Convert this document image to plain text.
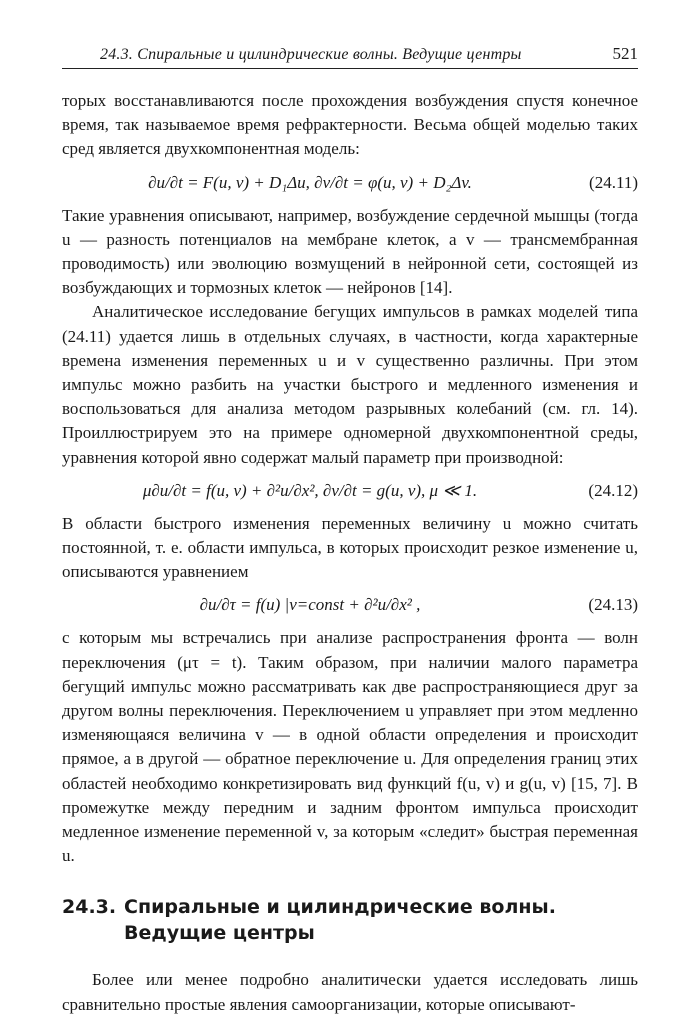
24.3. Спиральные и цилиндрические волны. Ведущие центры	521

торых восстанавливаются после прохождения возбуждения спустя конечное время, так называемое время рефрактерности. Весьма общей моделью таких сред является двухкомпонентная модель:

∂u/∂t = F(u, v) + D₁Δu, ∂v/∂t = φ(u, v) + D₂Δv.	(24.11)

Такие уравнения описывают, например, возбуждение сердечной мышцы (тогда u — разность потенциалов на мембране клеток, а v — трансмембранная проводимость) или эволюцию возмущений в нейронной сети, состоящей из возбуждающих и тормозных клеток — нейронов [14].

Аналитическое исследование бегущих импульсов в рамках моделей типа (24.11) удается лишь в отдельных случаях, в частности, когда характерные времена изменения переменных u и v существенно различны. При этом импульс можно разбить на участки быстрого и медленного изменения и воспользоваться для анализа методом разрывных колебаний (см. гл. 14). Проиллюстрируем это на примере одномерной двухкомпонентной среды, уравнения которой явно содержат малый параметр при производной:

μ∂u/∂t = f(u, v) + ∂²u/∂x², ∂v/∂t = g(u, v), μ ≪ 1.	(24.12)

В области быстрого изменения переменных величину u можно считать постоянной, т. е. области импульса, в которых происходит резкое изменение u, описываются уравнением

∂u/∂τ = f(u) |v=const + ∂²u/∂x² ,	(24.13)

с которым мы встречались при анализе распространения фронта — волн переключения (μτ = t). Таким образом, при наличии малого параметра бегущий импульс можно рассматривать как две распространяющиеся друг за другом волны переключения. Переключением u управляет при этом медленно изменяющаяся величина v — в одной области определения и происходит прямое, а в другой — обратное переключение u. Для определения границ этих областей необходимо конкретизировать вид функций f(u, v) и g(u, v) [15, 7]. В промежутке между передним и задним фронтом импульса происходит медленное изменение переменной v, за которым «следит» быстрая переменная u.

24.3. Спиральные и цилиндрические волны.
Ведущие центры

Более или менее подробно аналитически удается исследовать лишь сравнительно простые явления самоорганизации, которые описывают-
